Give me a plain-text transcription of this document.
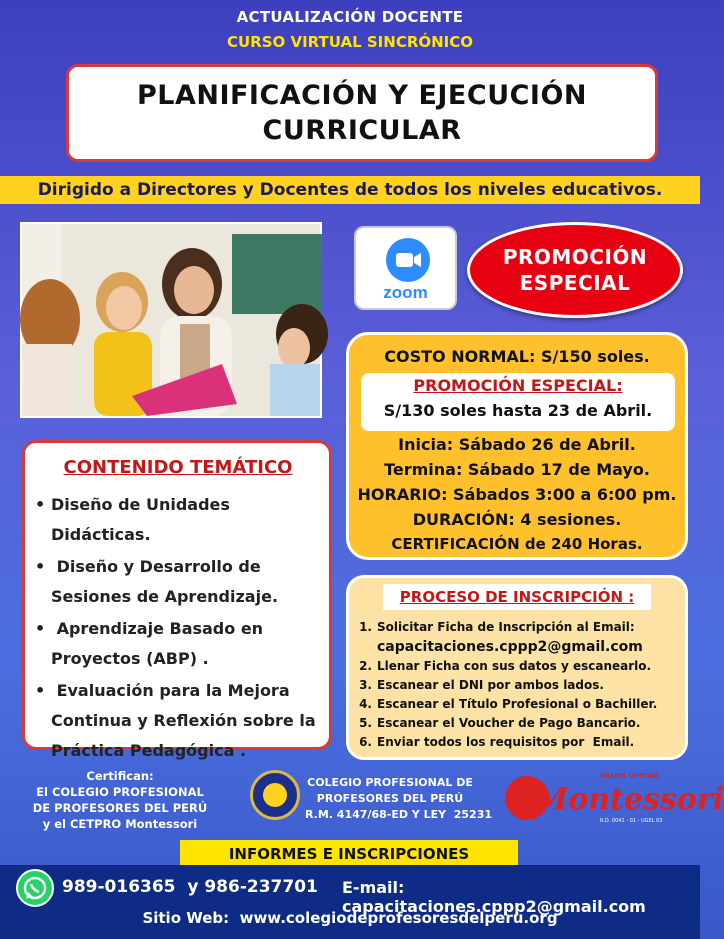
ACTUALIZACIÓN DOCENTE
CURSO VIRTUAL SINCRÓNICO
PLANIFICACIÓN Y EJECUCIÓN
CURRICULAR
Dirigido a Directores y Docentes de todos los niveles educativos.
zoom
PROMOCIÓN
ESPECIAL
COSTO NORMAL: S/150 soles.
PROMOCIÓN ESPECIAL:
S/130 soles hasta 23 de Abril.
Inicia: Sábado 26 de Abril.
Termina: Sábado 17 de Mayo.
HORARIO: Sábados 3:00 a 6:00 pm.
DURACIÓN: 4 sesiones.
CERTIFICACIÓN de 240 Horas.
CONTENIDO TEMÁTICO
• Diseño de Unidades Didácticas.
• Diseño y Desarrollo de
Sesiones de Aprendizaje.
• Aprendizaje Basado en
Proyectos (ABP) .
• Evaluación para la Mejora
Continua y Reflexión sobre la
Práctica Pedagógica .
PROCESO DE INSCRIPCIÓN :
1. Solicitar Ficha de Inscripción al Email:
capacitaciones.cppp2@gmail.com
2. Llenar Ficha con sus datos y escanearlo.
3. Escanear el DNI por ambos lados.
4. Escanear el Título Profesional o Bachiller.
5. Escanear el Voucher de Pago Bancario.
6. Enviar todos los requisitos por  Email.
Certifican:
El COLEGIO PROFESIONAL
DE PROFESORES DEL PERÚ
y el CETPRO Montessori
COLEGIO PROFESIONAL DE
PROFESORES DEL PERÚ
R.M. 4147/68-ED Y LEY  25231 Montessori
VALOR OFICIAL
R.D. 0041 - 01 - UGEL 03
INFORMES E INSCRIPCIONES
989-016365  y 986-237701 E-mail: capacitaciones.cppp2@gmail.com
Sitio Web:  www.colegiodeprofesoresdelperu.org
